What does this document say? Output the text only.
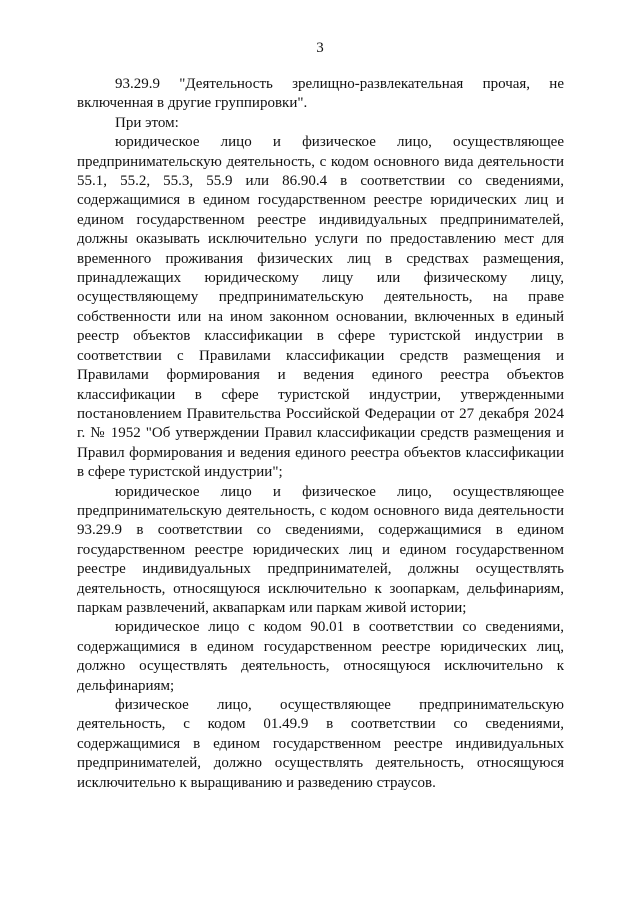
3

93.29.9 "Деятельность зрелищно-развлекательная прочая, не включенная в другие группировки".

При этом:

юридическое лицо и физическое лицо, осуществляющее предпринимательскую деятельность, с кодом основного вида деятельности 55.1, 55.2, 55.3, 55.9 или 86.90.4 в соответствии со сведениями, содержащимися в едином государственном реестре юридических лиц и едином государственном реестре индивидуальных предпринимателей, должны оказывать исключительно услуги по предоставлению мест для временного проживания физических лиц в средствах размещения, принадлежащих юридическому лицу или физическому лицу, осуществляющему предпринимательскую деятельность, на праве собственности или на ином законном основании, включенных в единый реестр объектов классификации в сфере туристской индустрии в соответствии с Правилами классификации средств размещения и Правилами формирования и ведения единого реестра объектов классификации в сфере туристской индустрии, утвержденными постановлением Правительства Российской Федерации от 27 декабря 2024 г. № 1952 "Об утверждении Правил классификации средств размещения и Правил формирования и ведения единого реестра объектов классификации в сфере туристской индустрии";

юридическое лицо и физическое лицо, осуществляющее предпринимательскую деятельность, с кодом основного вида деятельности 93.29.9 в соответствии со сведениями, содержащимися в едином государственном реестре юридических лиц и едином государственном реестре индивидуальных предпринимателей, должны осуществлять деятельность, относящуюся исключительно к зоопаркам, дельфинариям, паркам развлечений, аквапаркам или паркам живой истории;

юридическое лицо с кодом 90.01 в соответствии со сведениями, содержащимися в едином государственном реестре юридических лиц, должно осуществлять деятельность, относящуюся исключительно к дельфинариям;

физическое лицо, осуществляющее предпринимательскую деятельность, с кодом 01.49.9 в соответствии со сведениями, содержащимися в едином государственном реестре индивидуальных предпринимателей, должно осуществлять деятельность, относящуюся исключительно к выращиванию и разведению страусов.
